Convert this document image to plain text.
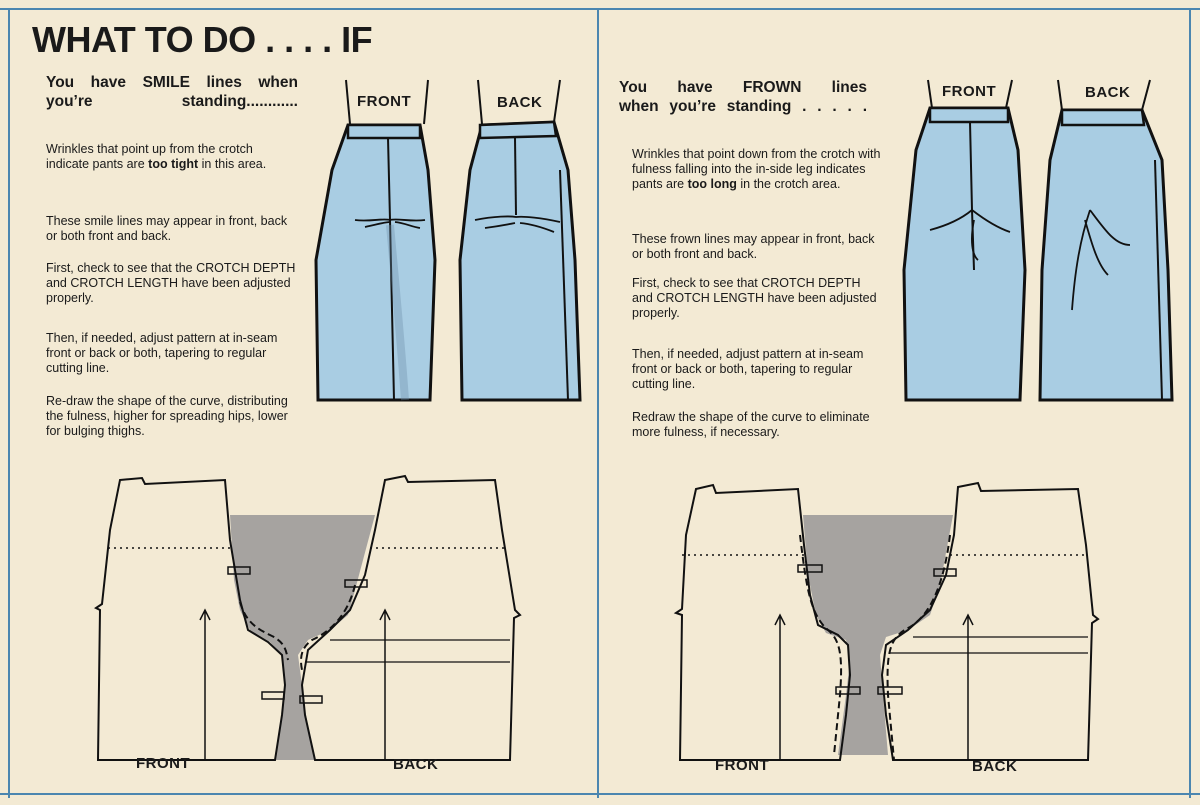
WHAT TO DO . . . . IF
You have SMILE lines when
you’re standing............

Wrinkles that point up from the crotch indicate pants are too tight in this area.

These smile lines may appear in front, back or both front and back.

First, check to see that the CROTCH DEPTH and CROTCH LENGTH have been adjusted properly.

Then, if needed, adjust pattern at in-seam front or back or both, tapering to regular cutting line.

Re-draw the shape of the curve, distributing the fulness, higher for spreading hips, lower for bulging thighs.

You have FROWN lines
when you’re standing . . . . .

Wrinkles that point down from the crotch with fulness falling into the in-side leg indicates pants are too long in the crotch area.

These frown lines may appear in front, back or both front and back.

First, check to see that CROTCH DEPTH and CROTCH LENGTH have been adjusted properly.

Then, if needed, adjust pattern at in-seam front or back or both, tapering to regular cutting line.

Redraw the shape of the curve to eliminate more fulness, if necessary.

FRONT	BACK
FRONT	BACK
FRONT	BACK	FRONT	BACK
